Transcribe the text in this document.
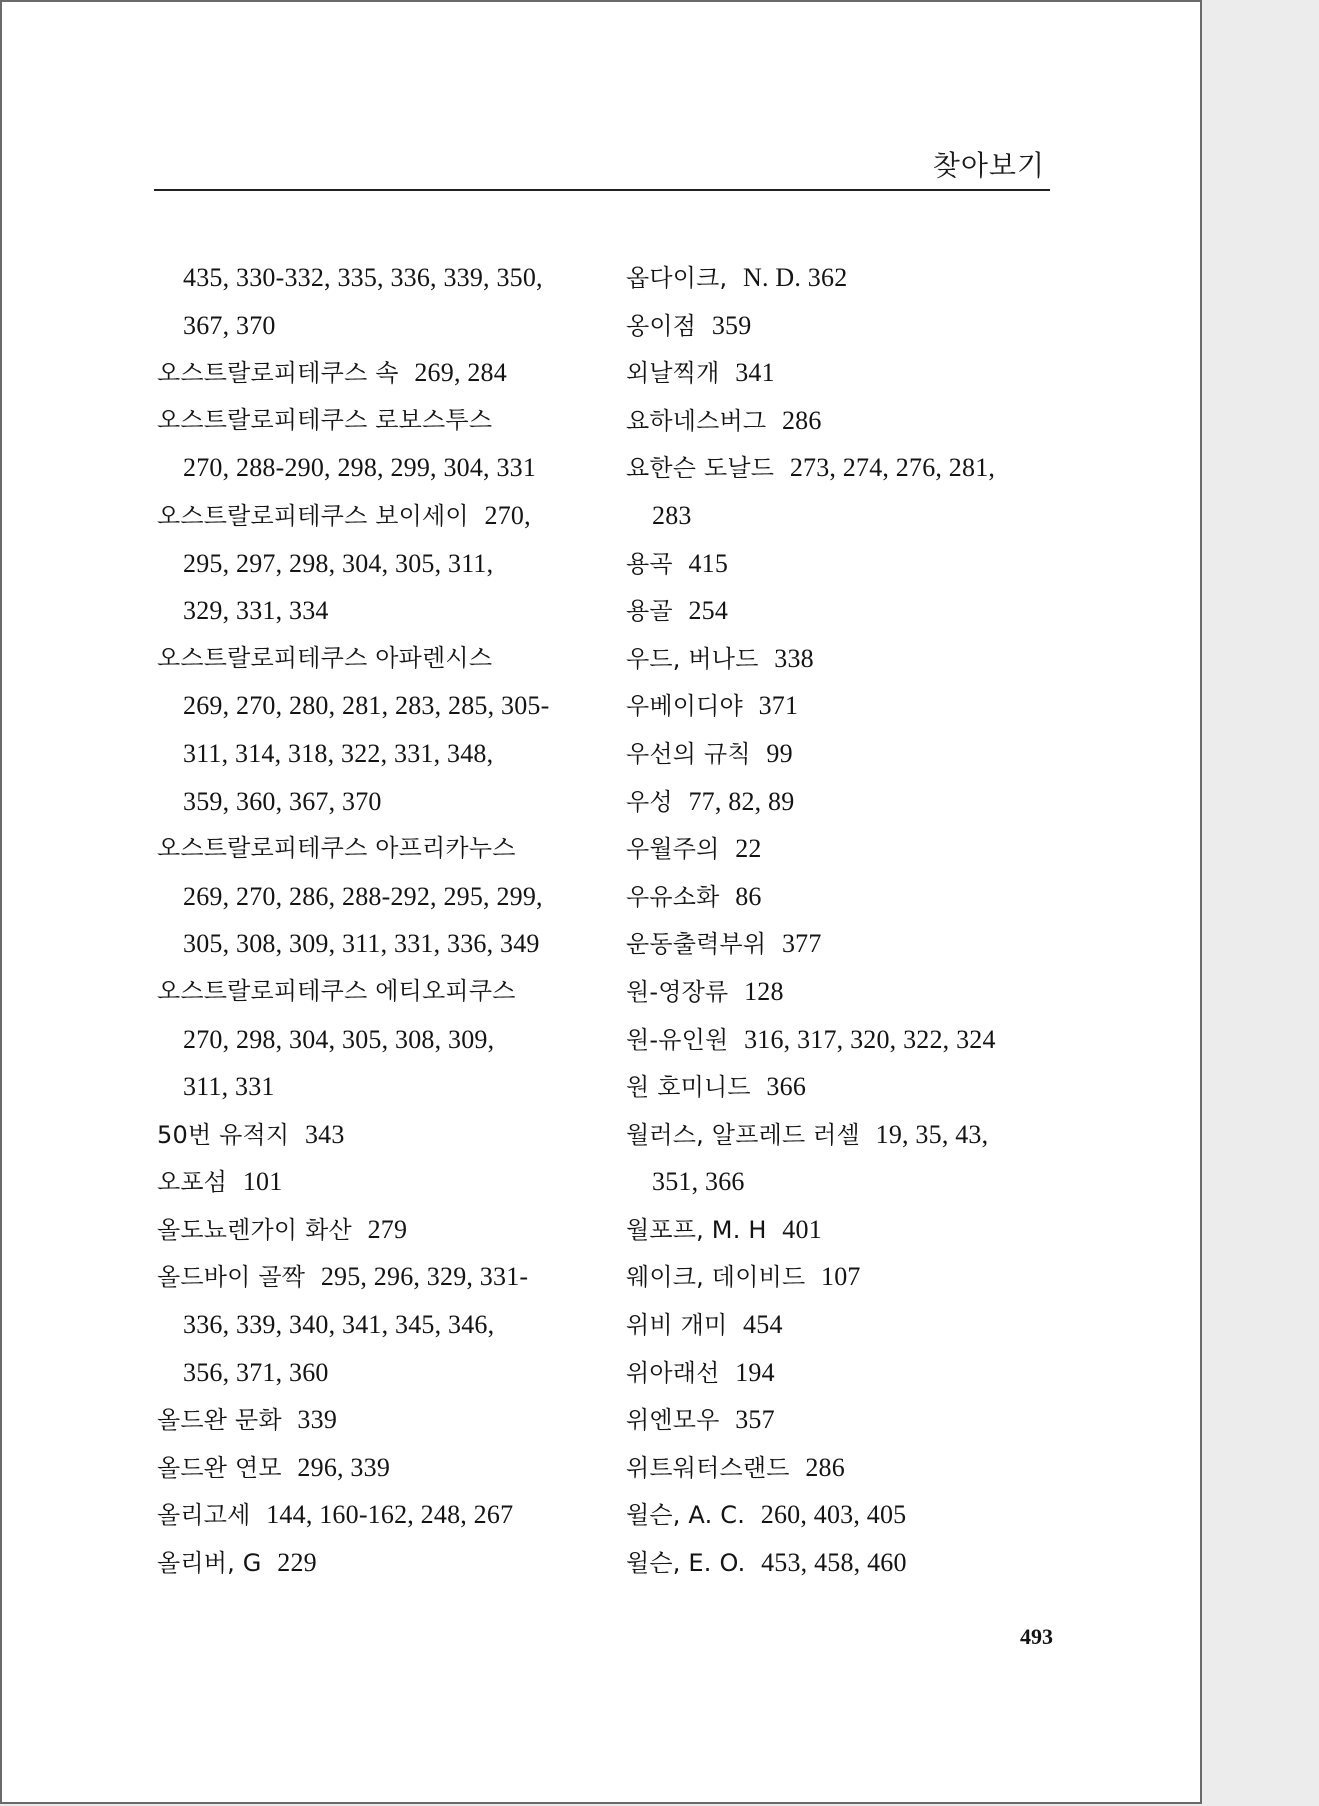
찾아보기
435, 330-332, 335, 336, 339, 350,
367, 370
오스트랄로피테쿠스 속 269, 284
오스트랄로피테쿠스 로보스투스
270, 288-290, 298, 299, 304, 331
오스트랄로피테쿠스 보이세이 270,
295, 297, 298, 304, 305, 311,
329, 331, 334
오스트랄로피테쿠스 아파렌시스
269, 270, 280, 281, 283, 285, 305-
311, 314, 318, 322, 331, 348,
359, 360, 367, 370
오스트랄로피테쿠스 아프리카누스
269, 270, 286, 288-292, 295, 299,
305, 308, 309, 311, 331, 336, 349
오스트랄로피테쿠스 에티오피쿠스
270, 298, 304, 305, 308, 309,
311, 331
50번 유적지 343
오포섬 101
올도뇨렌가이 화산 279
올드바이 골짝 295, 296, 329, 331-
336, 339, 340, 341, 345, 346,
356, 371, 360
올드완 문화 339
올드완 연모 296, 339
올리고세 144, 160-162, 248, 267
올리버, G 229
옵다이크, N. D. 362
옹이점 359
외날찍개 341
요하네스버그 286
요한슨 도날드 273, 274, 276, 281,
283
용곡 415
용골 254
우드, 버나드 338
우베이디야 371
우선의 규칙 99
우성 77, 82, 89
우월주의 22
우유소화 86
운동출력부위 377
원-영장류 128
원-유인원 316, 317, 320, 322, 324
원 호미니드 366
월러스, 알프레드 러셀 19, 35, 43,
351, 366
월포프, M. H 401
웨이크, 데이비드 107
위비 개미 454
위아래선 194
위엔모우 357
위트워터스랜드 286
윌슨, A. C. 260, 403, 405
윌슨, E. O. 453, 458, 460
493
